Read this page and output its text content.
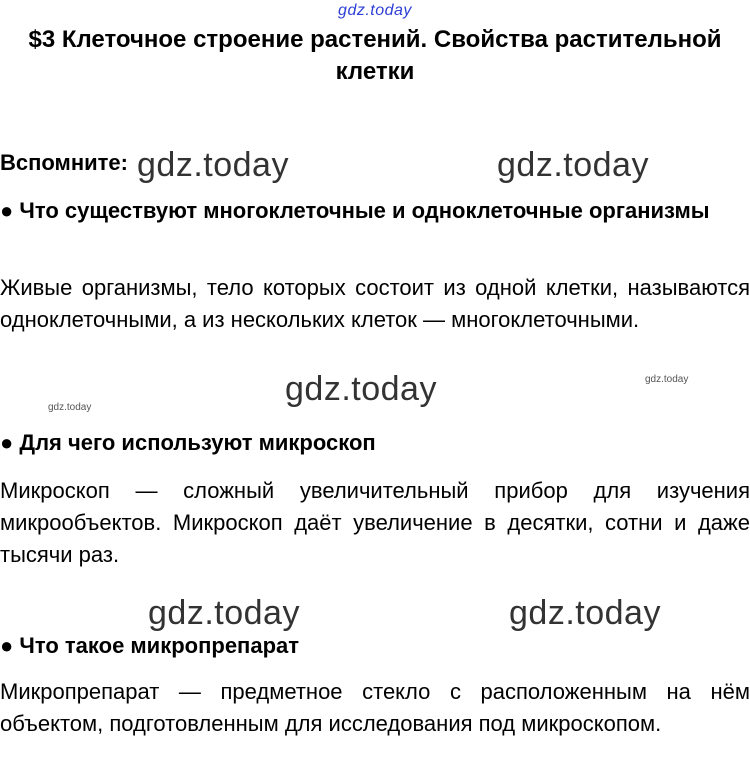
gdz.today
$3 Клеточное строение растений. Свойства растительной клетки
Вспомните: gdz.today	gdz.today
● Что существуют многоклеточные и одноклеточные организмы
Живые организмы, тело которых состоит из одной клетки, называются одноклеточными, а из нескольких клеток — многоклеточными.
gdz.today	gdz.today
gdz.today
● Для чего используют микроскоп
Микроскоп — сложный увеличительный прибор для изучения микрообъектов. Микроскоп даёт увеличение в десятки, сотни и даже тысячи раз.
gdz.today	gdz.today
● Что такое микропрепарат
Микропрепарат — предметное стекло с расположенным на нём объектом, подготовленным для исследования под микроскопом.
